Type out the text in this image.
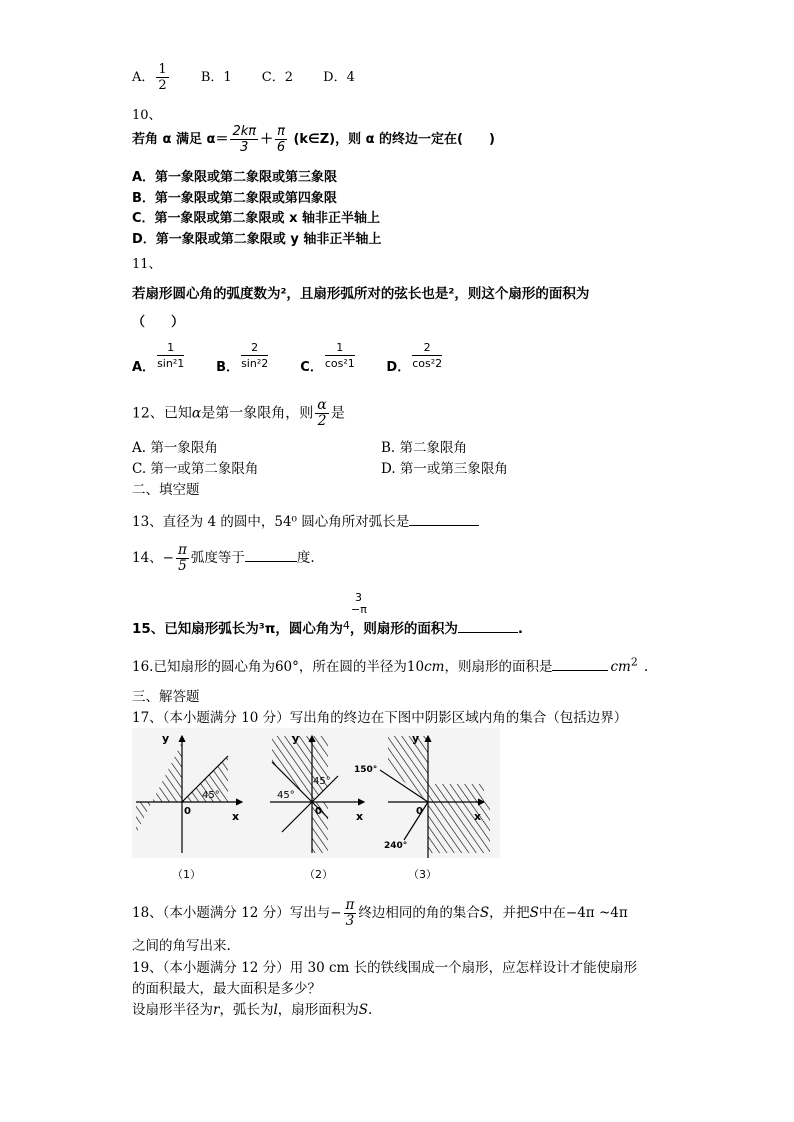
A． $\frac{1}{2}$ B．1 C．2 D．4
10、
若角 α 满足 $\alpha= \frac{2k\pi}{3} + \frac{\pi}{6}$ (k∈Z)，则 α 的终边一定在(　　)
A．第一象限或第二象限或第三象限
B．第一象限或第二象限或第四象限
C．第一象限或第二象限或 x 轴非正半轴上
D．第一象限或第二象限或 y 轴非正半轴上
11、
若扇形圆心角的弧度数为²，且扇形弧所对的弦长也是²，则这个扇形的面积为
（　　）
A． $\frac{1}{\text{sin²1}}$ B． $\frac{2}{\text{sin²2}}$ C． $\frac{1}{\text{cos²1}}$ D． $\frac{2}{\text{cos²2}}$
12、已知α是第一象限角，则 $\frac{\alpha}{2}$ 是
A. 第一象限角	B. 第二象限角
C. 第一或第二象限角	D. 第一或第三象限角
二、填空题
13、直径为 4 的圆中，54⁰ 圆心角所对弧长是
14、− $\frac{\pi}{5}$ 弧度等于	度.
3
−π
15、已知扇形弧长为³π，圆心角为$^4$，则扇形的面积为	.
16.已知扇形的圆心角为60°，所在圆的半径为10cm，则扇形的面积是	$cm^2$ .
三、解答题
17、（本小题满分 10 分）写出角的终边在下图中阴影区域内角的集合（包括边界）
y
x
0
45°
y
x
0
45°
45°
y
x
0
150°
240°
（1）	（2）	（3）
18、（本小题满分 12 分）写出与− $\frac{\pi}{3}$ 终边相同的角的集合S，并把S中在−4π ~4π
之间的角写出来.
19、（本小题满分 12 分）用 30 cm 长的铁线围成一个扇形，应怎样设计才能使扇形
的面积最大，最大面积是多少？
设扇形半径为r，弧长为l，扇形面积为S.
